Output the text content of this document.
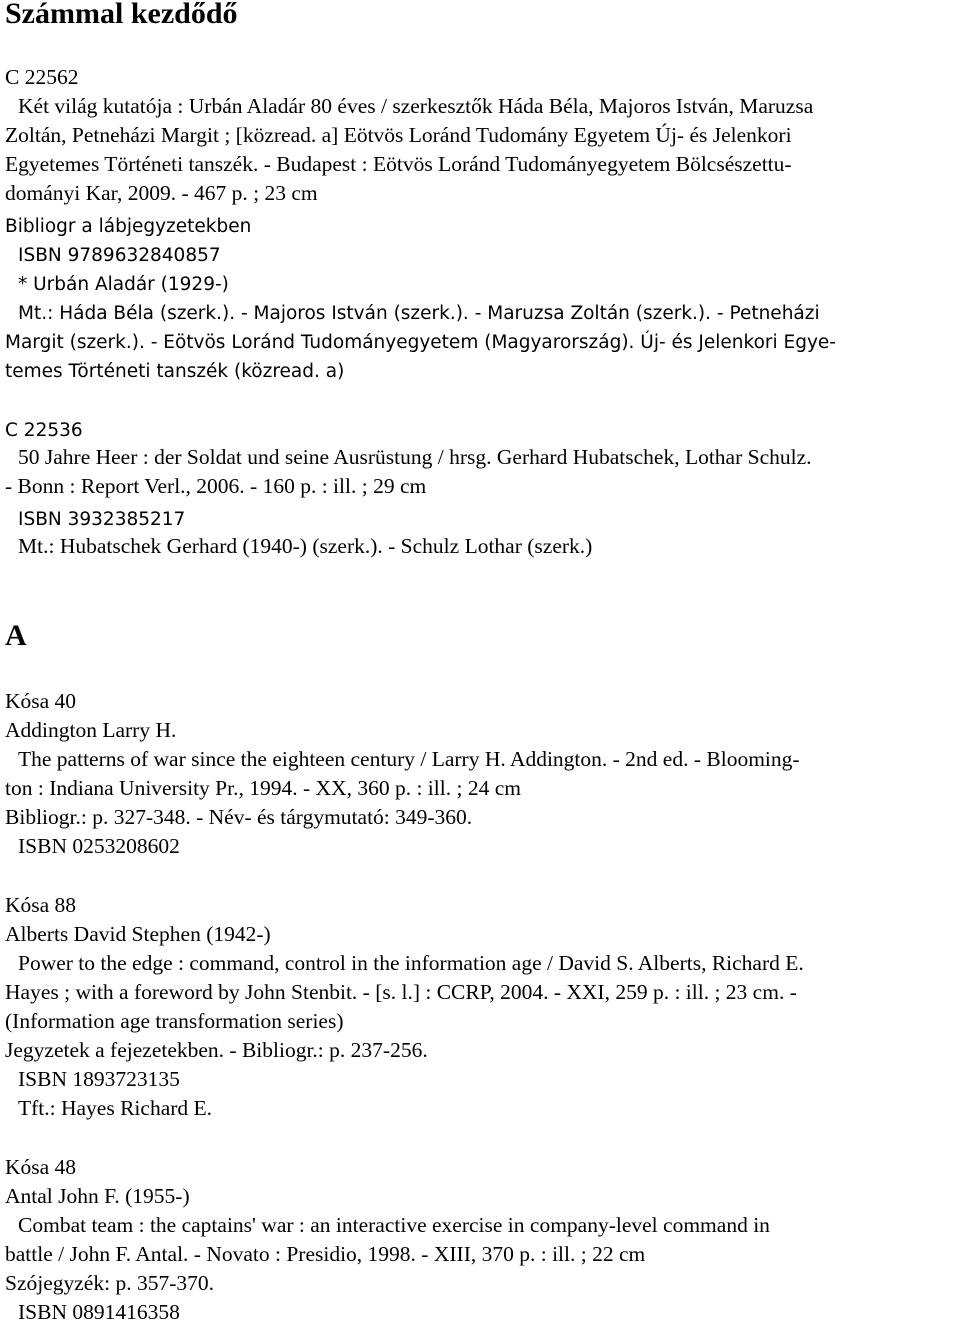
Számmal kezdődő

C 22562

Két világ kutatója : Urbán Aladár 80 éves / szerkesztők Háda Béla, Majoros István, Maruzsa

Zoltán, Petneházi Margit ; [közread. a] Eötvös Loránd Tudomány Egyetem Új- és Jelenkori

Egyetemes Történeti tanszék. - Budapest : Eötvös Loránd Tudományegyetem Bölcsészettu-

dományi Kar, 2009. - 467 p. ; 23 cm

Bibliogr a lábjegyzetekben

ISBN 9789632840857

* Urbán Aladár (1929-)

Mt.: Háda Béla (szerk.). - Majoros István (szerk.). - Maruzsa Zoltán (szerk.). - Petneházi

Margit (szerk.). - Eötvös Loránd Tudományegyetem (Magyarország). Új- és Jelenkori Egye-

temes Történeti tanszék (közread. a)

C 22536

50 Jahre Heer : der Soldat und seine Ausrüstung / hrsg. Gerhard Hubatschek, Lothar Schulz.

- Bonn : Report Verl., 2006. - 160 p. : ill. ; 29 cm

ISBN 3932385217

Mt.: Hubatschek Gerhard (1940-) (szerk.). - Schulz Lothar (szerk.)

A

Kósa 40

Addington Larry H.

The patterns of war since the eighteen century / Larry H. Addington. - 2nd ed. - Blooming-

ton : Indiana University Pr., 1994. - XX, 360 p. : ill. ; 24 cm

Bibliogr.: p. 327-348. - Név- és tárgymutató: 349-360.

ISBN 0253208602

Kósa 88

Alberts David Stephen (1942-)

Power to the edge : command, control in the information age / David S. Alberts, Richard E.

Hayes ; with a foreword by John Stenbit. - [s. l.] : CCRP, 2004. - XXI, 259 p. : ill. ; 23 cm. -

(Information age transformation series)

Jegyzetek a fejezetekben. - Bibliogr.: p. 237-256.

ISBN 1893723135

Tft.: Hayes Richard E.

Kósa 48

Antal John F. (1955-)

Combat team : the captains' war : an interactive exercise in company-level command in

battle / John F. Antal. - Novato : Presidio, 1998. - XIII, 370 p. : ill. ; 22 cm

Szójegyzék: p. 357-370.

ISBN 0891416358
